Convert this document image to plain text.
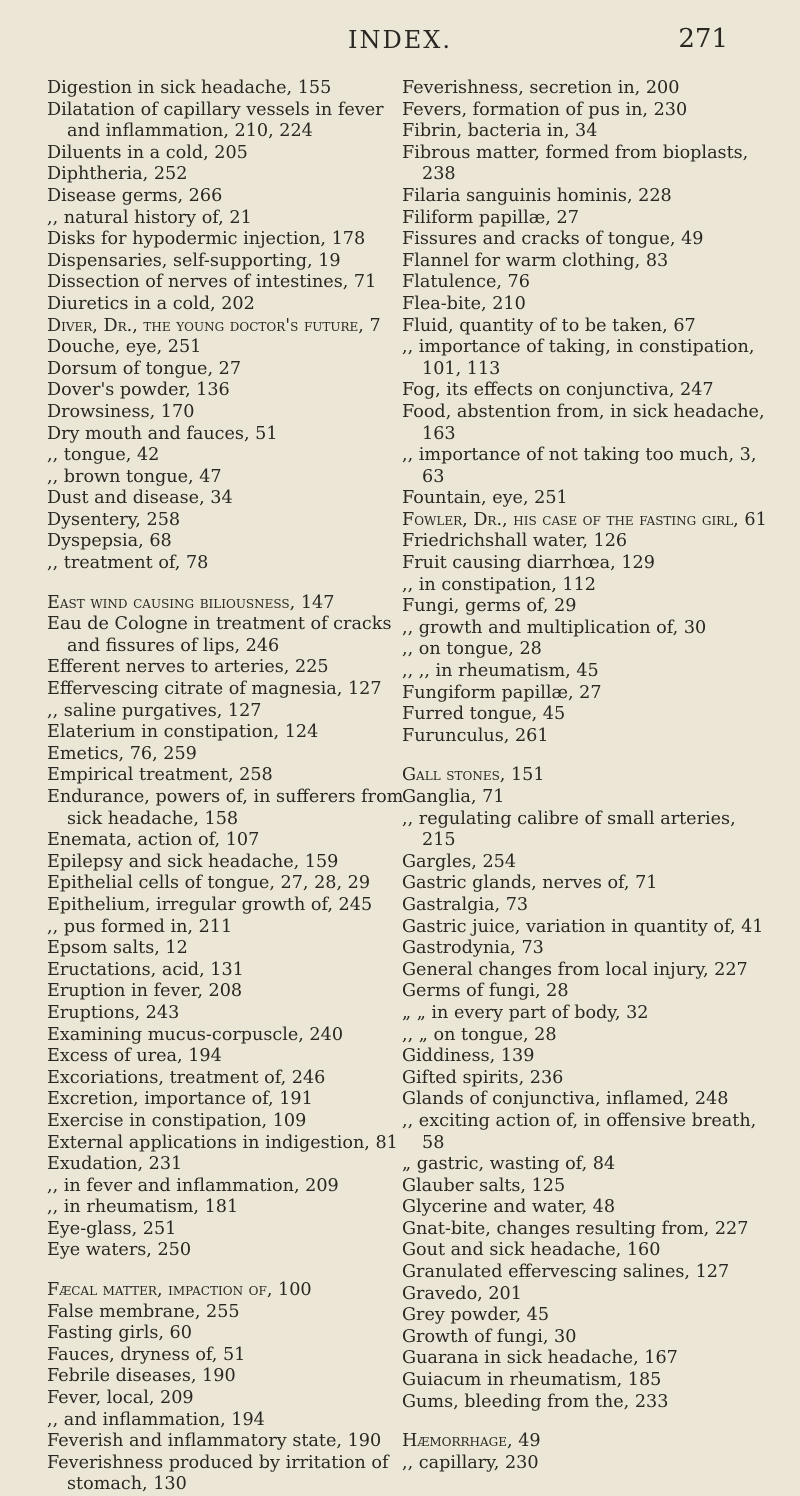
INDEX.	271
Digestion in sick headache, 155
Dilatation of capillary vessels in fever and inflammation, 210, 224
Diluents in a cold, 205
Diphtheria, 252
Disease germs, 266
,, natural history of, 21
Disks for hypodermic injection, 178
Dispensaries, self-supporting, 19
Dissection of nerves of intestines, 71
Diuretics in a cold, 202
Diver, Dr., the young doctor's future, 7
Douche, eye, 251
Dorsum of tongue, 27
Dover's powder, 136
Drowsiness, 170
Dry mouth and fauces, 51
,, tongue, 42
,, brown tongue, 47
Dust and disease, 34
Dysentery, 258
Dyspepsia, 68
,, treatment of, 78
East wind causing biliousness, 147
Eau de Cologne in treatment of cracks and fissures of lips, 246
Efferent nerves to arteries, 225
Effervescing citrate of magnesia, 127
,, saline purgatives, 127
Elaterium in constipation, 124
Emetics, 76, 259
Empirical treatment, 258
Endurance, powers of, in sufferers from sick headache, 158
Enemata, action of, 107
Epilepsy and sick headache, 159
Epithelial cells of tongue, 27, 28, 29
Epithelium, irregular growth of, 245
,, pus formed in, 211
Epsom salts, 12
Eructations, acid, 131
Eruption in fever, 208
Eruptions, 243
Examining mucus-corpuscle, 240
Excess of urea, 194
Excoriations, treatment of, 246
Excretion, importance of, 191
Exercise in constipation, 109
External applications in indigestion, 81
Exudation, 231
,, in fever and inflammation, 209
,, in rheumatism, 181
Eye-glass, 251
Eye waters, 250
Fæcal matter, impaction of, 100
False membrane, 255
Fasting girls, 60
Fauces, dryness of, 51
Febrile diseases, 190
Fever, local, 209
,, and inflammation, 194
Feverish and inflammatory state, 190
Feverishness produced by irritation of stomach, 130
Feverishness, secretion in, 200
Fevers, formation of pus in, 230
Fibrin, bacteria in, 34
Fibrous matter, formed from bioplasts, 238
Filaria sanguinis hominis, 228
Filiform papillæ, 27
Fissures and cracks of tongue, 49
Flannel for warm clothing, 83
Flatulence, 76
Flea-bite, 210
Fluid, quantity of to be taken, 67
,, importance of taking, in constipation, 101, 113
Fog, its effects on conjunctiva, 247
Food, abstention from, in sick headache, 163
,, importance of not taking too much, 3, 63
Fountain, eye, 251
Fowler, Dr., his case of the fasting girl, 61
Friedrichshall water, 126
Fruit causing diarrhœa, 129
,, in constipation, 112
Fungi, germs of, 29
,, growth and multiplication of, 30
,, on tongue, 28
,, ,, in rheumatism, 45
Fungiform papillæ, 27
Furred tongue, 45
Furunculus, 261
Gall stones, 151
Ganglia, 71
,, regulating calibre of small arteries, 215
Gargles, 254
Gastric glands, nerves of, 71
Gastralgia, 73
Gastric juice, variation in quantity of, 41
Gastrodynia, 73
General changes from local injury, 227
Germs of fungi, 28
„ „ in every part of body, 32
,, „ on tongue, 28
Giddiness, 139
Gifted spirits, 236
Glands of conjunctiva, inflamed, 248
,, exciting action of, in offensive breath, 58
„ gastric, wasting of, 84
Glauber salts, 125
Glycerine and water, 48
Gnat-bite, changes resulting from, 227
Gout and sick headache, 160
Granulated effervescing salines, 127
Gravedo, 201
Grey powder, 45
Growth of fungi, 30
Guarana in sick headache, 167
Guiacum in rheumatism, 185
Gums, bleeding from the, 233
Hæmorrhage, 49
,, capillary, 230
